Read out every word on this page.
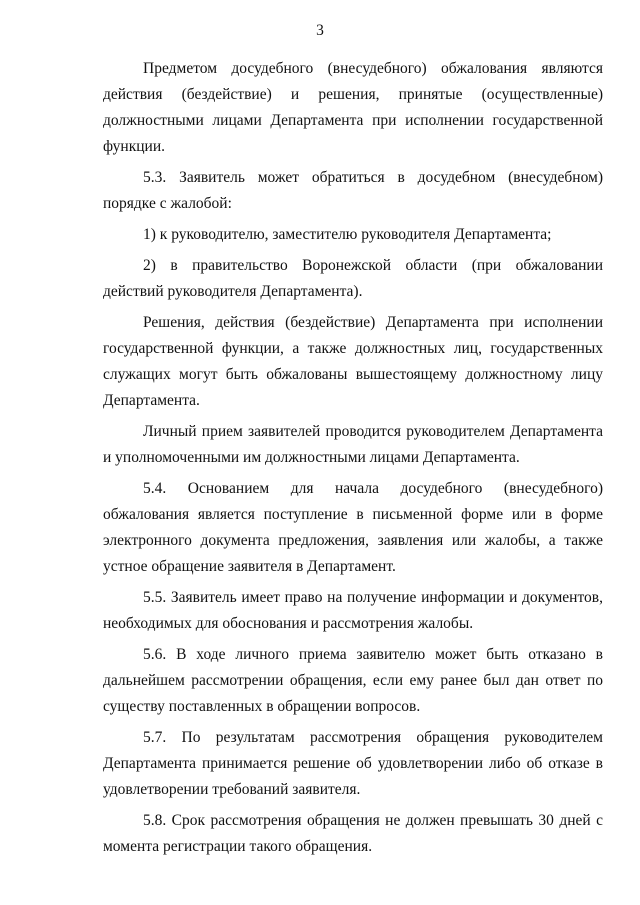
3

Предметом досудебного (внесудебного) обжалования являются действия (бездействие) и решения, принятые (осуществленные) должностными лицами Департамента при исполнении государственной функции.

5.3. Заявитель может обратиться в досудебном (внесудебном) порядке с жалобой:

1) к руководителю, заместителю руководителя Департамента;

2) в правительство Воронежской области (при обжаловании действий руководителя Департамента).

Решения, действия (бездействие) Департамента при исполнении государственной функции, а также должностных лиц, государственных служащих могут быть обжалованы вышестоящему должностному лицу Департамента.

Личный прием заявителей проводится руководителем Департамента и уполномоченными им должностными лицами Департамента.

5.4. Основанием для начала досудебного (внесудебного) обжалования является поступление в письменной форме или в форме электронного документа предложения, заявления или жалобы, а также устное обращение заявителя в Департамент.

5.5. Заявитель имеет право на получение информации и документов, необходимых для обоснования и рассмотрения жалобы.

5.6. В ходе личного приема заявителю может быть отказано в дальнейшем рассмотрении обращения, если ему ранее был дан ответ по существу поставленных в обращении вопросов.

5.7. По результатам рассмотрения обращения руководителем Департамента принимается решение об удовлетворении либо об отказе в удовлетворении требований заявителя.

5.8. Срок рассмотрения обращения не должен превышать 30 дней с момента регистрации такого обращения.
